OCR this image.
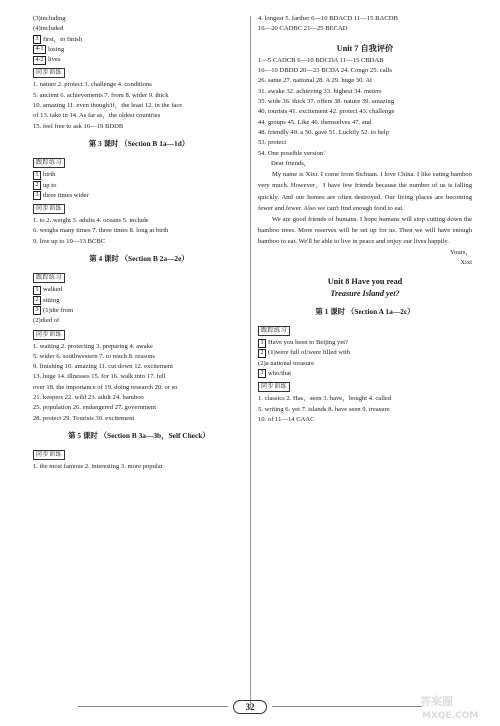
(3)including
(4)included
3 first，to finish
4-1 losing
4-2 lives
同步训练
1. nature 2. protect 3. challenge 4. conditions
5. ancient 6. achievements 7. from 8. wider 9. thick
10. amazing 11. even though/if，the least 12. in the face
of 13. take in 14. As far as，the oldest countries
15. feel free to ask 16—19 BDDB
第 3 课时 （Section B 1a—1d）
跟踪练习
1 birth
2 up to
3 three times wider
同步训练
1. to 2. weight 3. adults 4. oceans 5. include
6. weighs many times 7. three times 8. long at birth
9. live up to 10—13 BCBC
第 4 课时 （Section B 2a—2e）
跟踪练习
1 walked
2 sitting
3 (1)die from
(2)died of
同步训练
1. waiting 2. protecting 3. preparing 4. awake
5. wider 6. southwestern 7. to reach 8. reasons
9. finishing 10. amazing 11. cut down 12. excitement
13. huge 14. illnesses 15. for 16. walk into 17. fell
over 18. the importance of 19. doing research 20. or so
21. keepers 22. wild 23. adult 24. bamboo
25. population 26. endangered 27. government
28. protect 29. Tourists 30. excitement
第 5 课时 （Section B 3a—3b，Self Check）
同步训练
1. the most famous 2. interesting 3. more popular
4. longest 5. farther 6—10 BDACD 11—15 BACDB
16—20 CADBC 21—25 BECAD
Unit 7 自我评价
1—5 CADCB 6—10 BDCDA 11—15 CBDAB
16—19 DBDD 20—23 BCDA 24. Congo 25. calls
26. same 27. national 28. A 29. huge 30. At
31. awake 32. achieving 33. highest 34. meters
35. wide 36. thick 37. offers 38. nature 39. amazing
40. tourists 41. excitement 42. protect 43. challenge
44. groups 45. Like 46. themselves 47. and
48. friendly 49. a 50. gave 51. Luckily 52. to help
53. protect
54. One possible version：
Dear friends，
My name is Xixi. I come from Sichuan. I love China. I like eating bamboo very much. However，I have few friends because the number of us is falling quickly. And our homes are often destroyed. Our living places are becoming fewer and fewer. Also we can't find enough food to eat.
We are good friends of humans. I hope humans will stop cutting down the bamboo trees. More reserves will be set up for us. Then we will have enough bamboo to eat. We'll be able to live in peace and enjoy our lives happily.
Yours，
Xixi
Unit 8 Have you read
Treasure Island yet?
第 1 课时 （Section A 1a—2c）
跟踪练习
1 Have you been to Beijing yet?
2 (1)were full of/were filled with
(2)a national treasure
3 who/that
同步训练
1. classics 2. Has，seen 3. have，bought 4. called
5. writing 6. yet 7. islands 8. have seen 9. treasure
10. of 11—14 CAAC
32	答案圈
MXQE.COM
